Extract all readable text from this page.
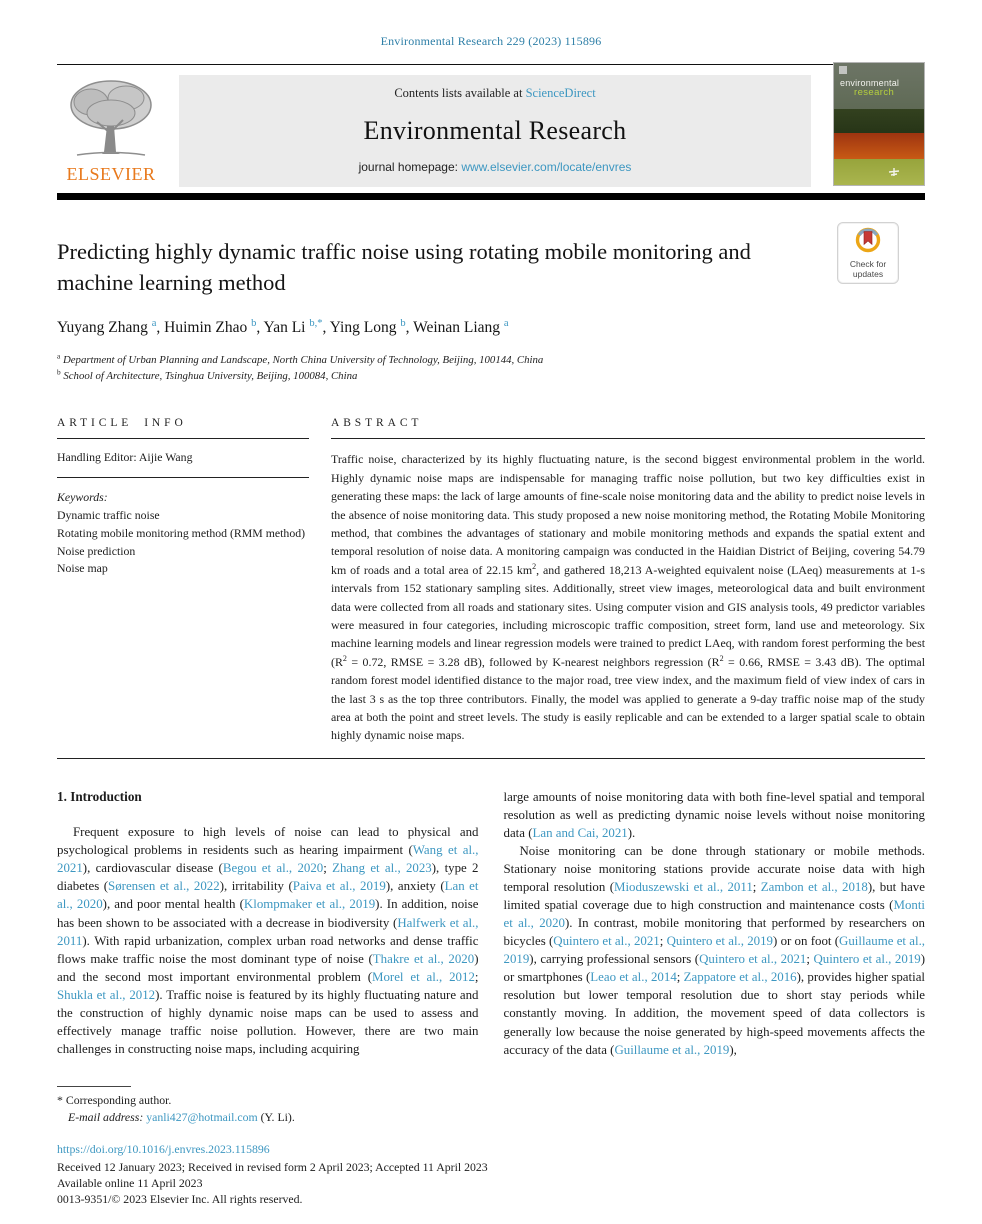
Environmental Research 229 (2023) 115896
ELSEVIER
Contents lists available at ScienceDirect
Environmental Research
journal homepage: www.elsevier.com/locate/envres
environmental
research
Predicting highly dynamic traffic noise using rotating mobile monitoring and machine learning method
Check for
updates
Yuyang Zhang $^a$, Huimin Zhao $^b$, Yan Li $^{b,*}$, Ying Long $^b$, Weinan Liang $^a$
$^a$ Department of Urban Planning and Landscape, North China University of Technology, Beijing, 100144, China
$^b$ School of Architecture, Tsinghua University, Beijing, 100084, China
ARTICLE INFO
Handling Editor: Aijie Wang
Keywords:
Dynamic traffic noise
Rotating mobile monitoring method (RMM method)
Noise prediction
Noise map
ABSTRACT
Traffic noise, characterized by its highly fluctuating nature, is the second biggest environmental problem in the world. Highly dynamic noise maps are indispensable for managing traffic noise pollution, but two key difficulties exist in generating these maps: the lack of large amounts of fine-scale noise monitoring data and the ability to predict noise levels in the absence of noise monitoring data. This study proposed a new noise monitoring method, the Rotating Mobile Monitoring method, that combines the advantages of stationary and mobile monitoring methods and expands the spatial extent and temporal resolution of noise data. A monitoring campaign was conducted in the Haidian District of Beijing, covering 54.79 km of roads and a total area of 22.15 $km^2$, and gathered 18,213 A-weighted equivalent noise (LAeq) measurements at 1-s intervals from 152 stationary sampling sites. Additionally, street view images, meteorological data and built environment data were collected from all roads and stationary sites. Using computer vision and GIS analysis tools, 49 predictor variables were measured in four categories, including microscopic traffic composition, street form, land use and meteorology. Six machine learning models and linear regression models were trained to predict LAeq, with random forest performing the best ($R^2 = 0.72$, RMSE = 3.28 dB), followed by K-nearest neighbors regression ($R^2 = 0.66$, RMSE = 3.43 dB). The optimal random forest model identified distance to the major road, tree view index, and the maximum field of view index of cars in the last 3 s as the top three contributors. Finally, the model was applied to generate a 9-day traffic noise map of the study area at both the point and street levels. The study is easily replicable and can be extended to a larger spatial scale to obtain highly dynamic noise maps.
1. Introduction

Frequent exposure to high levels of noise can lead to physical and psychological problems in residents such as hearing impairment (Wang et al., 2021), cardiovascular disease (Begou et al., 2020; Zhang et al., 2023), type 2 diabetes (Sørensen et al., 2022), irritability (Paiva et al., 2019), anxiety (Lan et al., 2020), and poor mental health (Klompmaker et al., 2019). In addition, noise has been shown to be associated with a decrease in biodiversity (Halfwerk et al., 2011). With rapid urbanization, complex urban road networks and dense traffic flows make traffic noise the most dominant type of noise (Thakre et al., 2020) and the second most important environmental problem (Morel et al., 2012; Shukla et al., 2012). Traffic noise is featured by its highly fluctuating nature and the construction of highly dynamic noise maps can be used to assess and effectively manage traffic noise pollution. However, there are two main challenges in constructing noise maps, including acquiring

large amounts of noise monitoring data with both fine-level spatial and temporal resolution as well as predicting dynamic noise levels without noise monitoring data (Lan and Cai, 2021).

Noise monitoring can be done through stationary or mobile methods. Stationary noise monitoring stations provide accurate noise data with high temporal resolution (Mioduszewski et al., 2011; Zambon et al., 2018), but have limited spatial coverage due to high construction and maintenance costs (Monti et al., 2020). In contrast, mobile monitoring that performed by researchers on bicycles (Quintero et al., 2021; Quintero et al., 2019) or on foot (Guillaume et al., 2019), carrying professional sensors (Quintero et al., 2021; Quintero et al., 2019) or smartphones (Leao et al., 2014; Zappatore et al., 2016), provides higher spatial resolution but lower temporal resolution due to short stay periods while constantly moving. In addition, the movement speed of data collectors is generally low because the noise generated by high-speed movements affects the accuracy of the data (Guillaume et al., 2019),

* Corresponding author.
E-mail address: yanli427@hotmail.com (Y. Li).
https://doi.org/10.1016/j.envres.2023.115896
Received 12 January 2023; Received in revised form 2 April 2023; Accepted 11 April 2023
Available online 11 April 2023
0013-9351/© 2023 Elsevier Inc. All rights reserved.
